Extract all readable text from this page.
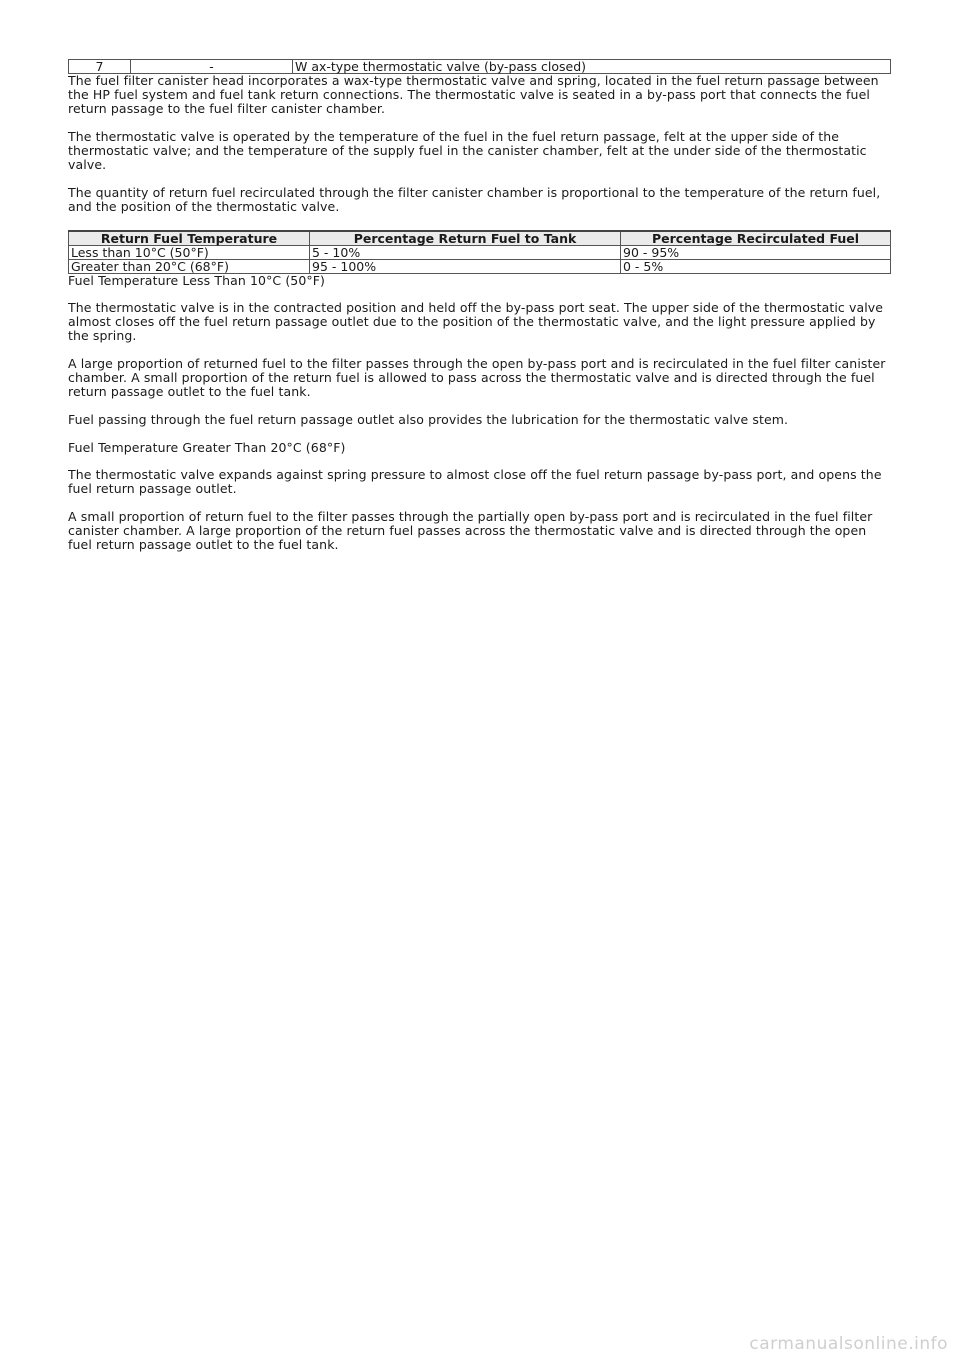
7	-	W ax-type thermostatic valve (by-pass closed)

The fuel filter canister head incorporates a wax-type thermostatic valve and spring, located in the fuel return passage between the HP fuel system and fuel tank return connections. The thermostatic valve is seated in a by-pass port that connects the fuel return passage to the fuel filter canister chamber.

The thermostatic valve is operated by the temperature of the fuel in the fuel return passage, felt at the upper side of the thermostatic valve; and the temperature of the supply fuel in the canister chamber, felt at the under side of the thermostatic valve.

The quantity of return fuel recirculated through the filter canister chamber is proportional to the temperature of the return fuel, and the position of the thermostatic valve.

Return Fuel Temperature	Percentage Return Fuel to Tank	Percentage Recirculated Fuel
Less than 10°C (50°F)	5 - 10%	90 - 95%
Greater than 20°C (68°F)	95 - 100%	0 - 5%

Fuel Temperature Less Than 10°C (50°F)

The thermostatic valve is in the contracted position and held off the by-pass port seat. The upper side of the thermostatic valve almost closes off the fuel return passage outlet due to the position of the thermostatic valve, and the light pressure applied by the spring.

A large proportion of returned fuel to the filter passes through the open by-pass port and is recirculated in the fuel filter canister chamber. A small proportion of the return fuel is allowed to pass across the thermostatic valve and is directed through the fuel return passage outlet to the fuel tank.

Fuel passing through the fuel return passage outlet also provides the lubrication for the thermostatic valve stem.

Fuel Temperature Greater Than 20°C (68°F)

The thermostatic valve expands against spring pressure to almost close off the fuel return passage by-pass port, and opens the fuel return passage outlet.

A small proportion of return fuel to the filter passes through the partially open by-pass port and is recirculated in the fuel filter canister chamber. A large proportion of the return fuel passes across the thermostatic valve and is directed through the open fuel return passage outlet to the fuel tank.

carmanualsonline.info
